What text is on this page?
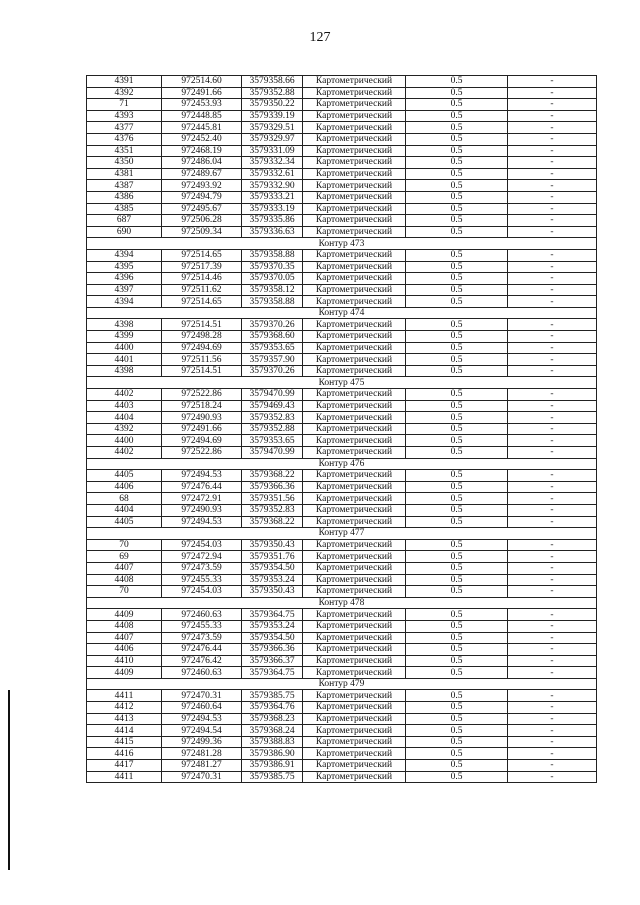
127
4391	972514.60	3579358.66	Картометрический	0.5	-
4392	972491.66	3579352.88	Картометрический	0.5	-
71	972453.93	3579350.22	Картометрический	0.5	-
4393	972448.85	3579339.19	Картометрический	0.5	-
4377	972445.81	3579329.51	Картометрический	0.5	-
4376	972452.40	3579329.97	Картометрический	0.5	-
4351	972468.19	3579331.09	Картометрический	0.5	-
4350	972486.04	3579332.34	Картометрический	0.5	-
4381	972489.67	3579332.61	Картометрический	0.5	-
4387	972493.92	3579332.90	Картометрический	0.5	-
4386	972494.79	3579333.21	Картометрический	0.5	-
4385	972495.67	3579333.19	Картометрический	0.5	-
687	972506.28	3579335.86	Картометрический	0.5	-
690	972509.34	3579336.63	Картометрический	0.5	-
Контур 473					
4394	972514.65	3579358.88	Картометрический	0.5	-
4395	972517.39	3579370.35	Картометрический	0.5	-
4396	972514.46	3579370.05	Картометрический	0.5	-
4397	972511.62	3579358.12	Картометрический	0.5	-
4394	972514.65	3579358.88	Картометрический	0.5	-
Контур 474					
4398	972514.51	3579370.26	Картометрический	0.5	-
4399	972498.28	3579368.60	Картометрический	0.5	-
4400	972494.69	3579353.65	Картометрический	0.5	-
4401	972511.56	3579357.90	Картометрический	0.5	-
4398	972514.51	3579370.26	Картометрический	0.5	-
Контур 475					
4402	972522.86	3579470.99	Картометрический	0.5	-
4403	972518.24	3579469.43	Картометрический	0.5	-
4404	972490.93	3579352.83	Картометрический	0.5	-
4392	972491.66	3579352.88	Картометрический	0.5	-
4400	972494.69	3579353.65	Картометрический	0.5	-
4402	972522.86	3579470.99	Картометрический	0.5	-
Контур 476					
4405	972494.53	3579368.22	Картометрический	0.5	-
4406	972476.44	3579366.36	Картометрический	0.5	-
68	972472.91	3579351.56	Картометрический	0.5	-
4404	972490.93	3579352.83	Картометрический	0.5	-
4405	972494.53	3579368.22	Картометрический	0.5	-
Контур 477					
70	972454.03	3579350.43	Картометрический	0.5	-
69	972472.94	3579351.76	Картометрический	0.5	-
4407	972473.59	3579354.50	Картометрический	0.5	-
4408	972455.33	3579353.24	Картометрический	0.5	-
70	972454.03	3579350.43	Картометрический	0.5	-
Контур 478					
4409	972460.63	3579364.75	Картометрический	0.5	-
4408	972455.33	3579353.24	Картометрический	0.5	-
4407	972473.59	3579354.50	Картометрический	0.5	-
4406	972476.44	3579366.36	Картометрический	0.5	-
4410	972476.42	3579366.37	Картометрический	0.5	-
4409	972460.63	3579364.75	Картометрический	0.5	-
Контур 479					
4411	972470.31	3579385.75	Картометрический	0.5	-
4412	972460.64	3579364.76	Картометрический	0.5	-
4413	972494.53	3579368.23	Картометрический	0.5	-
4414	972494.54	3579368.24	Картометрический	0.5	-
4415	972499.36	3579388.83	Картометрический	0.5	-
4416	972481.28	3579386.90	Картометрический	0.5	-
4417	972481.27	3579386.91	Картометрический	0.5	-
4411	972470.31	3579385.75	Картометрический	0.5	-
